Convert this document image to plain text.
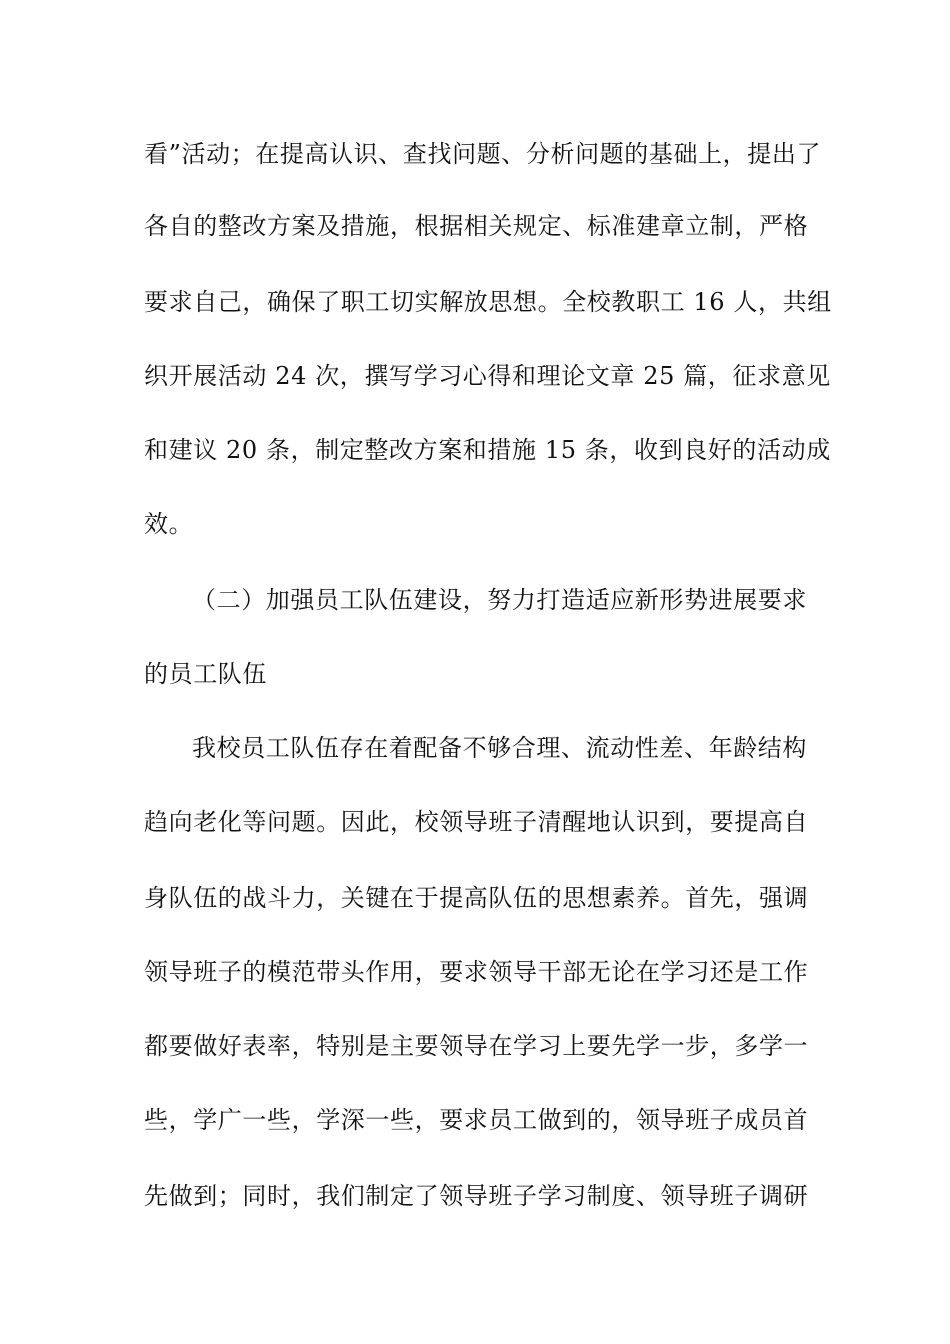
看”活动；在提高认识、查找问题、分析问题的基础上，提出了
各自的整改方案及措施，根据相关规定、标准建章立制，严格
要求自己，确保了职工切实解放思想。全校教职工 16 人，共组
织开展活动 24 次，撰写学习心得和理论文章 25 篇，征求意见
和建议 20 条，制定整改方案和措施 15 条，收到良好的活动成
效。
（二）加强员工队伍建设，努力打造适应新形势进展要求
的员工队伍
我校员工队伍存在着配备不够合理、流动性差、年龄结构
趋向老化等问题。因此，校领导班子清醒地认识到，要提高自
身队伍的战斗力，关键在于提高队伍的思想素养。首先，强调
领导班子的模范带头作用，要求领导干部无论在学习还是工作
都要做好表率，特别是主要领导在学习上要先学一步，多学一
些，学广一些，学深一些，要求员工做到的，领导班子成员首
先做到；同时，我们制定了领导班子学习制度、领导班子调研
